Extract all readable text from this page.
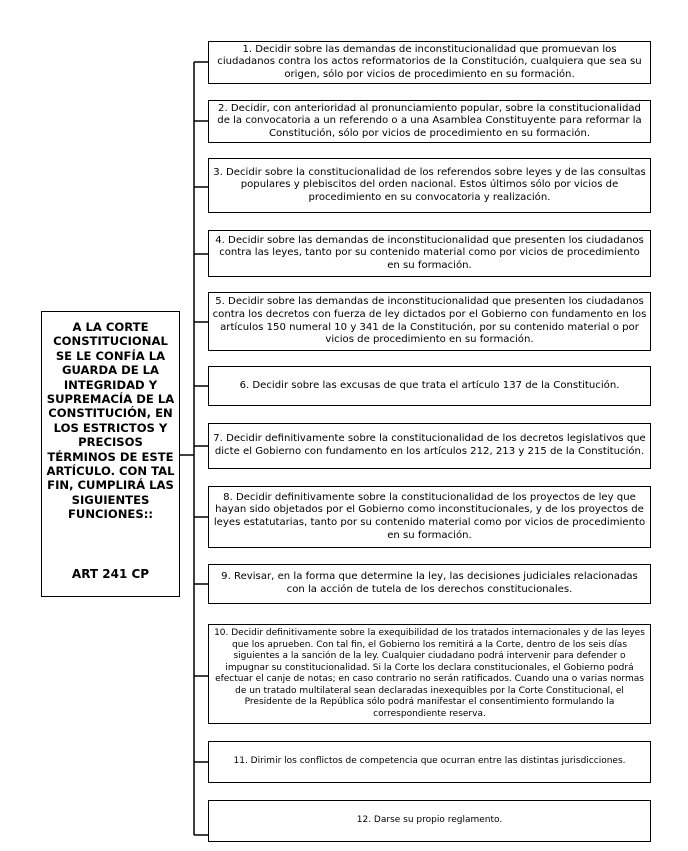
A LA CORTE CONSTITUCIONAL SE LE CONFÍA LA GUARDA DE LA INTEGRIDAD Y SUPREMACÍA DE LA CONSTITUCIÓN, EN LOS ESTRICTOS Y PRECISOS TÉRMINOS DE ESTE ARTÍCULO. CON TAL FIN, CUMPLIRÁ LAS SIGUIENTES FUNCIONES::
ART 241 CP
1. Decidir sobre las demandas de inconstitucionalidad que promuevan los ciudadanos contra los actos reformatorios de la Constitución, cualquiera que sea su origen, sólo por vicios de procedimiento en su formación.
2. Decidir, con anterioridad al pronunciamiento popular, sobre la constitucionalidad de la convocatoria a un referendo o a una Asamblea Constituyente para reformar la Constitución, sólo por vicios de procedimiento en su formación.
3. Decidir sobre la constitucionalidad de los referendos sobre leyes y de las consultas populares y plebiscitos del orden nacional. Estos últimos sólo por vicios de procedimiento en su convocatoria y realización.
4. Decidir sobre las demandas de inconstitucionalidad que presenten los ciudadanos contra las leyes, tanto por su contenido material como por vicios de procedimiento en su formación.
5. Decidir sobre las demandas de inconstitucionalidad que presenten los ciudadanos contra los decretos con fuerza de ley dictados por el Gobierno con fundamento en los artículos 150 numeral 10 y 341 de la Constitución, por su contenido material o por vicios de procedimiento en su formación.
6. Decidir sobre las excusas de que trata el artículo 137 de la Constitución.
7. Decidir definitivamente sobre la constitucionalidad de los decretos legislativos que dicte el Gobierno con fundamento en los artículos 212, 213 y 215 de la Constitución.
8. Decidir definitivamente sobre la constitucionalidad de los proyectos de ley que hayan sido objetados por el Gobierno como inconstitucionales, y de los proyectos de leyes estatutarias, tanto por su contenido material como por vicios de procedimiento en su formación.
9. Revisar, en la forma que determine la ley, las decisiones judiciales relacionadas con la acción de tutela de los derechos constitucionales.
10. Decidir definitivamente sobre la exequibilidad de los tratados internacionales y de las leyes que los aprueben. Con tal fin, el Gobierno los remitirá a la Corte, dentro de los seis días siguientes a la sanción de la ley. Cualquier ciudadano podrá intervenir para defender o impugnar su constitucionalidad. Si la Corte los declara constitucionales, el Gobierno podrá efectuar el canje de notas; en caso contrario no serán ratificados. Cuando una o varias normas de un tratado multilateral sean declaradas inexequibles por la Corte Constitucional, el Presidente de la República sólo podrá manifestar el consentimiento formulando la correspondiente reserva.
11. Dirimir los conflictos de competencia que ocurran entre las distintas jurisdicciones.
12. Darse su propio reglamento.
